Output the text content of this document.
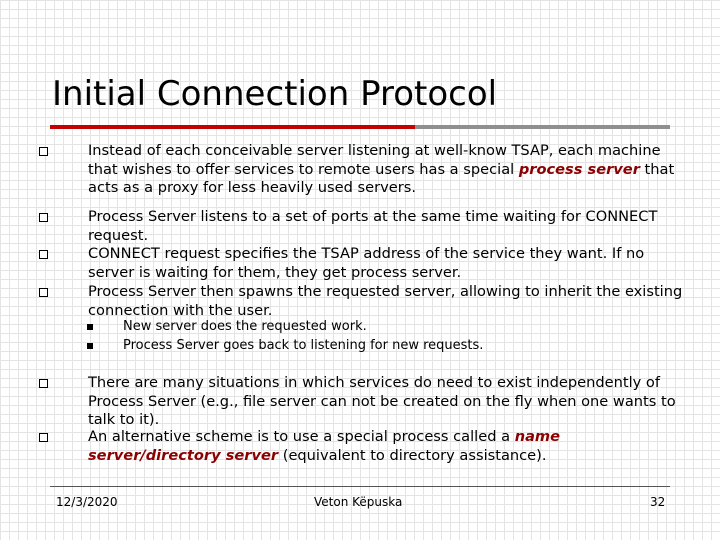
Initial Connection Protocol

Instead of each conceivable server listening at well-know TSAP, each machine that wishes to offer services to remote users has a special process server that acts as a proxy for less heavily used servers.

Process Server listens to a set of ports at the same time waiting for CONNECT request.

CONNECT request specifies the TSAP address of the service they want. If no server is waiting for them, they get process server.

Process Server then spawns the requested server, allowing to inherit the existing connection with the user.

New server does the requested work.

Process Server goes back to listening for new requests.

There are many situations in which services do need to exist independently of Process Server (e.g., file server can not be created on the fly when one wants to talk to it).

An alternative scheme is to use a special process called a name server/directory server (equivalent to directory assistance).

12/3/2020	Veton Këpuska	32
